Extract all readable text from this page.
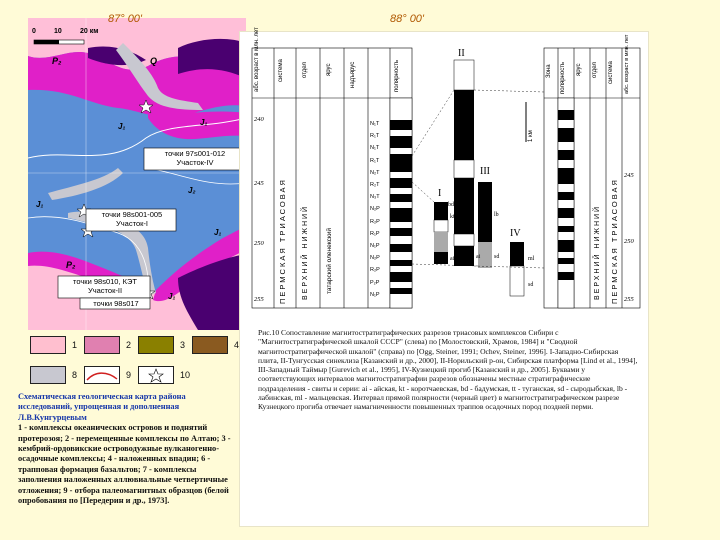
0	10	20 км
P₂	Q
J₁	J₁
J₂
J₁
J₁
P₂
J₁
точки 97s001-012
Участок-IV
точки 98s001-005
Участок-I
точки 98s010, КЭТ
Участок-II
точки 98s017
87° 00'	88° 00'
1	2	3	4
8	9	10
Схематическая геологическая карта района исследований, упрощенная и дополненная Л.В.Кунгурцевым
1 - комплексы океанических островов и поднятий протерозоя; 2 - перемещенные комплексы по Алтаю; 3 - кембрий-ордовикские островодужные вулканогенно-осадочные комплексы; 4 - наложенных впадин; 6 - трапповая формация базальтов; 7 - комплексы заполнения наложенных аллювиальные четвертичные отложения; 9 - отбора палеомагнитных образцов (белой опробования по [Передерин и др., 1973].
абс. возраст в млн. лет	система	отдел	ярус	надъярус	полярность
240
245
250
255 ПЕРМСКАЯ ТРИАСОВАЯ ВЕРХНИЙ НИЖНИЙ	татарский оленекский
N₁T
R₁T
N₁T
R₁T
N₂T
R₂T
N₃T
N₂P
R₂P
R₁P
N₁P
N₂P
R₂P
Р₂Р
N₁P
I
II
III
IV
kt
bd
ai	sd
lb
ml
sd
ai
1 км
Зона полярность ярус отдел система абс. возраст в млн. лет
245
250
255
ПЕРМСКАЯ ТРИАСОВАЯ
ВЕРХНИЙ НИЖНИЙ
Рис.10 Сопоставление магнитостратиграфических разрезов триасовых комплексов Сибири с "Магнитостратиграфической шкалой СССР" (слева) по [Молостовский, Храмов, 1984] и "Сводной магнитостратиграфической шкалой" (справа) по [Ogg, Steiner, 1991; Ochev, Steiner, 1996]. I-Западно-Сибирская плита, II-Тунгусская синеклиза [Казанский и др., 2000], II-Норильский р-он, Сибирская платформа [Lind et al., 1994], III-Западный Таймыр [Gurevich et al., 1995], IV-Кузнецкий прогиб [Казанский и др., 2005]. Буквами у соответствующих интервалов магнитостратиграфии разрезов обозначены местные стратиграфические подразделения - свиты и серии: ai - айская, kt - коротчаевская, bd - бадумская, tt - туганская, sd - сыродыбская, lb - лабинская, ml - мальцевская. Интервал прямой полярности (черный цвет) в магнитостратиграфическом разрезе Кузнецкого прогиба отвечает намагниченности повышенных траппов осадочных пород поздней перми.
